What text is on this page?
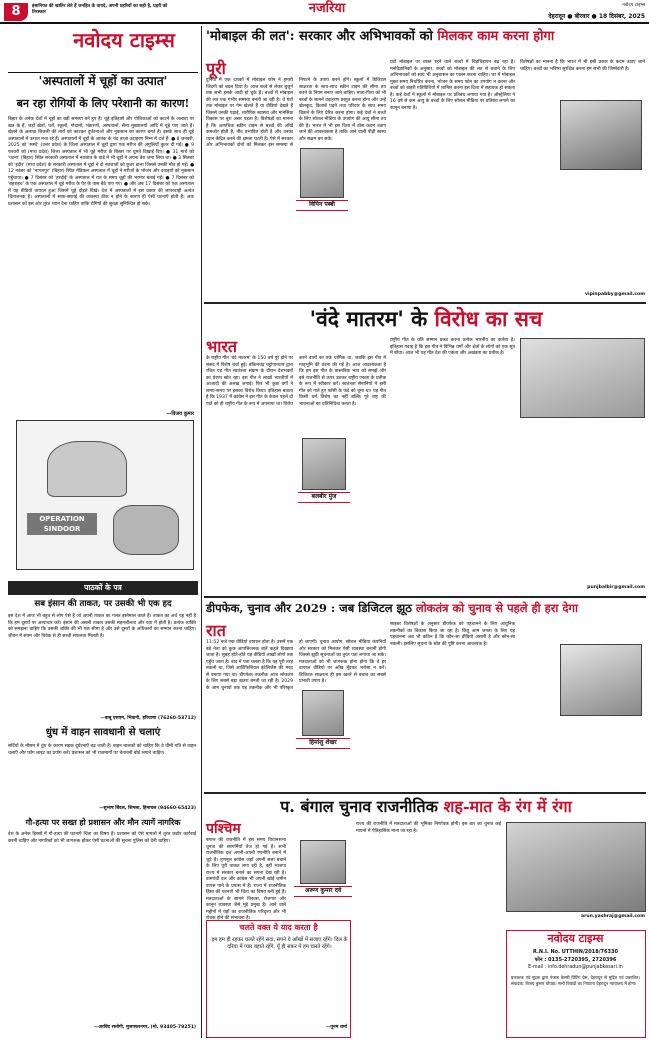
8	इंसानियत की खातिर लेते हैं जनहित के वायदे, अपनी प्रहरियों का सही है, प्रहरी को तिरस्कार	नजरिया
देहरादून ● बीरवार ● 18 दिसंबर, 2025
नवोदय टाइम्स
नवोदय टाइम्स
'अस्पतालों में चूहों का उत्पात'
बन रहा रोगियों के लिए परेशानी का कारण!
बिहार के अनेक देशों में चूहों का बड़ी समस्या बने हुए हैं। चूहे इतिहासें और पोशिकाओं को काटने के अलावा पर खत के हैं, जहाँ खेतों, घरों, स्कूलों, गोदामों, भंडारणों, अस्पतालों, सैन्य मुख्यालयों आदि में चूहे पाए जाते हैं। खेलने के अलावा बिजली की तारों को काटकर दुर्घटनाओं और नुकसान का कारण बनते हैं। इसके साथ ही चूहे अस्पतालों में उत्पात मचा रहे हैं। अस्पतालों में चूहों के आतंक के चंद ताज़ा उदाहरण निम्न में दर्ज हैं: ● 8 जनवरी, 2025 को 'सस्थे' (उत्तर प्रदेश) के जिला अस्पताल में चूहों द्वारा एक मरीज की अंगुलियाँ कुतर दी गईं। ● 9 फरवरी को (मध्य प्रदेश) जिला अस्पताल में भी चूहे मरीज के बिस्तर पर घूमते दिखाई दिए। ● 31 मार्च को 'पटना' (बिहार) स्थित सरकारी अस्पताल में नवजात के वार्ड में भी चूहों ने अपना डेरा जमा लिया था। ● 3 सितंबर को 'इंदौर' (मध्य प्रदेश) के सरकारी अस्पताल में चूहों ने दो नवजातों को कुतर डाला जिससे उनकी मौत हो गई। ● 12 नवंबर को 'भागलपुर' (बिहार) स्थित मेडिकल अस्पताल में चूहों ने मरीजों के भोजन और दवाइयों को नुकसान पहुँचाया। ● 7 दिसंबर को 'हरदोई' के अस्पताल में रात के समय चूहों की भरमार बताई गई। ● 7 दिसंबर को 'बहराइच' के एक अस्पताल में चूहे मरीज के पैर के पास बैठे पाए गए। ● और अब 17 दिसंबर को एक अस्पताल में यह वीडियो वायरल हुआ जिसमें चूहे दौड़ते दिखे। देश में अस्पतालों में इस प्रकार की लापरवाही अत्यंत चिंताजनक है। अस्पतालों में साफ़-सफ़ाई की व्यवस्था ठीक न होने के कारण ही ऐसी घटनाएँ होती हैं। अतः प्रशासन को इस ओर तुरंत ध्यान देना चाहिए ताकि रोगियों की सुरक्षा सुनिश्चित हो सके।
—विजय कुमार
OPERATION SINDOOR
पाठकों के पत्र
सब इंसान की ताकत, पर उसकी भी एक हद
इस देश में आज भी बहुत से लोग ऐसे हैं जो अपनी ताकत का गलत इस्तेमाल करते हैं। ताकत का अर्थ यह नहीं है कि हम दूसरों पर अत्याचार करें। इंसान की असली ताकत उसकी सहनशीलता और दया में होती है। प्रत्येक व्यक्ति को समझना चाहिए कि उसकी शक्ति की भी एक सीमा है और उसे दूसरों के अधिकारों का सम्मान करना चाहिए। जीवन में संयम और विवेक से ही सच्ची सफलता मिलती है।
—बाबू एसएम, भिवानी, हरियाणा (76260-53712)
धुंध में वाहन सावधानी से चलाएं
सर्दियों के मौसम में धुंध के कारण सड़क दुर्घटनाएँ बढ़ जाती हैं। वाहन चालकों को चाहिए कि वे धीमी गति से वाहन चलाएँ और फॉग लाइट का प्रयोग करें। प्रशासन को भी राजमार्गों पर चेतावनी बोर्ड लगाने चाहिए।
—सुभाष बिंदल, शिमला, हिमाचल (94660-65423)
गौ-हत्या पर सख्त हो प्रशासन और मौन त्यागें नागरिक
देश के अनेक हिस्सों में गौ-हत्या की घटनाएँ चिंता का विषय हैं। प्रशासन को ऐसे मामलों में तुरंत कठोर कार्रवाई करनी चाहिए और नागरिकों को भी जागरूक होकर ऐसी घटनाओं की सूचना पुलिस को देनी चाहिए।
—अरविंद रस्तोगी, मुजफ्फरनगर, (मो. 93405-79251)
'मोबाइल की लत': सरकार और अभिभावकों को मिलकर काम करना होगा
पूरी
दुनिया में एक दशकों में मोबाइल फोन ने हमारी जिंदगी को बदल दिया है। आज बच्चे से लेकर बुजुर्ग तक सभी इसके आदी हो चुके हैं। बच्चों में मोबाइल की लत एक गंभीर समस्या बनती जा रही है। वे घंटों तक मोबाइल पर गेम खेलते हैं या वीडियो देखते हैं जिससे उनकी पढ़ाई, शारीरिक स्वास्थ्य और मानसिक विकास पर बुरा असर पड़ता है। विशेषज्ञों का मानना है कि अत्यधिक स्क्रीन टाइम से बच्चों की आँखें कमजोर होती हैं, नींद प्रभावित होती है और उनका ध्यान केंद्रित करने की क्षमता घटती है। ऐसे में सरकार और अभिभावकों दोनों को मिलकर इस समस्या से निपटने के उपाय करने होंगे। स्कूलों में डिजिटल साक्षरता के साथ-साथ स्क्रीन टाइम की सीमा तय करने के नियम बनाए जाने चाहिए। माता-पिता को भी बच्चों के सामने उदाहरण प्रस्तुत करना होगा और उन्हें खेलकूद, किताबें पढ़ने तथा परिवार के साथ समय बिताने के लिए प्रेरित करना होगा। कई देशों ने बच्चों के लिए सोशल मीडिया के उपयोग की आयु सीमा तय की है। भारत में भी इस दिशा में ठोस कदम उठाए जाने की आवश्यकता है ताकि आने वाली पीढ़ी स्वस्थ और सक्षम बन सके।
विपिन पब्बी
घंटों मोबाइल पर व्यस्त रहने वाले बच्चों में चिड़चिड़ापन बढ़ रहा है। मनोवैज्ञानिकों के अनुसार, बच्चों को मोबाइल की लत से बचाने के लिए अभिभावकों को स्वयं भी अनुशासन का पालन करना चाहिए। घर में मोबाइल मुक्त समय निर्धारित करना, भोजन के समय फोन का उपयोग न करना और बच्चों को बाहरी गतिविधियों में शामिल करना इस दिशा में सहायक हो सकता है। कई देशों में स्कूलों में मोबाइल पर प्रतिबंध लगाया गया है। ऑस्ट्रेलिया ने 16 वर्ष से कम आयु के बच्चों के लिए सोशल मीडिया पर प्रतिबंध लगाने का कानून बनाया है।
विशेषज्ञों का मानना है कि भारत में भी इसी प्रकार के कदम उठाए जाने चाहिए। बच्चों का भविष्य सुरक्षित करना हम सभी की जिम्मेदारी है।
vipinpabby@gmail.com
'वंदे मातरम' के विरोध का सच
भारत
के राष्ट्रीय गीत 'वंदे मातरम' के 150 वर्ष पूरे होने पर संसद में विशेष चर्चा हुई। बंकिमचंद्र चट्टोपाध्याय द्वारा रचित यह गीत स्वतंत्रता संग्राम के दौरान देशभक्तों का प्रेरणा स्रोत रहा। इस गीत ने लाखों भारतीयों में आजादी की अलख जगाई। फिर भी कुछ वर्गों ने समय-समय पर इसका विरोध किया। इतिहास बताता है कि 1937 में कांग्रेस ने इस गीत के केवल पहले दो पदों को ही राष्ट्रीय गीत के रूप में अपनाया था। विरोध करने वालों का तर्क धार्मिक था, जबकि इस गीत में मातृभूमि की वंदना की गई है। आज आवश्यकता है कि हम इस गीत के वास्तविक भाव को समझें और इसे राजनीति से ऊपर उठकर राष्ट्रीय एकता के प्रतीक के रूप में स्वीकार करें। स्वतंत्रता सेनानियों ने इसी गीत को गाते हुए फाँसी के फंदे को चूमा था। यह गीत किसी धर्म विशेष का नहीं बल्कि पूरे राष्ट्र की भावनाओं का प्रतिनिधित्व करता है।
बलबीर पुंज
राष्ट्रीय गीत के प्रति सम्मान प्रकट करना प्रत्येक भारतीय का कर्तव्य है। इतिहास गवाह है कि इस गीत ने विभिन्न धर्मों और क्षेत्रों के लोगों को एक सूत्र में बाँधा। आज भी यह गीत देश की एकता और अखंडता का प्रतीक है।
punjbalbir@gmail.com
डीपफेक, चुनाव और 2029 : जब डिजिटल झूठ लोकतंत्र को चुनाव से पहले ही हरा देगा
रात
11:52 बजे एक वीडियो वायरल होता है। उसमें एक बड़े नेता को कुछ आपत्तिजनक बातें कहते दिखाया जाता है। सुबह होते-होते यह वीडियो लाखों लोगों तक पहुँच जाता है। बाद में पता चलता है कि यह पूरी तरह नकली था, जिसे आर्टिफिशियल इंटेलिजेंस की मदद से बनाया गया था। डीपफेक तकनीक आज लोकतंत्र के लिए सबसे बड़ा खतरा बनती जा रही है। 2029 के आम चुनावों तक यह तकनीक और भी परिष्कृत हो जाएगी। चुनाव आयोग, सोशल मीडिया कंपनियों और सरकार को मिलकर ऐसी व्यवस्था बनानी होगी जिससे झूठी सूचनाओं का तुरंत पता लगाया जा सके। मतदाताओं को भी जागरूक होना होगा कि वे हर वायरल वीडियो पर आँख मूँदकर भरोसा न करें। डिजिटल साक्षरता ही इस खतरे से बचाव का सबसे प्रभावी उपाय है।
हिमांशु शेखर
साइबर विशेषज्ञों के अनुसार डीपफेक को पहचानने के लिए आधुनिक तकनीकों का विकास किया जा रहा है। किंतु आम जनता के लिए यह पहचानना अब भी कठिन है कि कौन-सा वीडियो असली है और कौन-सा नकली। इसलिए सूचना के स्रोत की पुष्टि करना आवश्यक है।
प. बंगाल चुनाव राजनीतिक शह-मात के रंग में रंगा
पश्चिम
बंगाल की राजनीति में इस समय विधानसभा चुनाव की सरगर्मियाँ तेज हो गई हैं। सभी राजनीतिक दल अपनी-अपनी रणनीति बनाने में जुटे हैं। तृणमूल कांग्रेस जहाँ अपनी सत्ता बचाने के लिए पूरी ताकत लगा रही है, वहीं भाजपा राज्य में सरकार बनाने का सपना देख रही है। वामपंथी दल और कांग्रेस भी अपनी खोई जमीन वापस पाने के प्रयास में हैं। राज्य में राजनीतिक हिंसा की घटनाएँ भी चिंता का विषय बनी हुई हैं। मतदाताओं के सामने विकास, रोजगार और कानून व्यवस्था जैसे मुद्दे प्रमुख हैं। आने वाले महीनों में यहाँ का राजनीतिक परिदृश्य और भी रोचक होने की संभावना है।
अरूण कुमार दवे
चलते वक्त ये याद करता है
हम हम ही रहकर चलते रहेंगे सदा, सपने ये आँखों में सजाए रहेंगे। दिल के दरिया में प्यार बहाते रहेंगे, यूँ ही सफ़र पे हम चलते रहेंगे।
—पूनम शर्मा
राज्य की राजनीति में मतदाताओं की भूमिका निर्णायक होगी। इस बार का चुनाव कई मायनों में ऐतिहासिक माना जा रहा है।
arun.yashraj@gmail.com
नवोदय टाइम्स
R.N.I. No. UTTHIN/2018/76330
फोन : 0135-2720395, 2720396
E-mail : info.dehradun@punjabkesari.in
प्रकाशक एवं मुद्रक द्वारा पंजाब केसरी प्रिंटिंग प्रेस, देहरादून से मुद्रित एवं प्रकाशित। संपादक: विजय कुमार चोपड़ा। सभी विवादों का निपटारा देहरादून न्यायालय में होगा।
